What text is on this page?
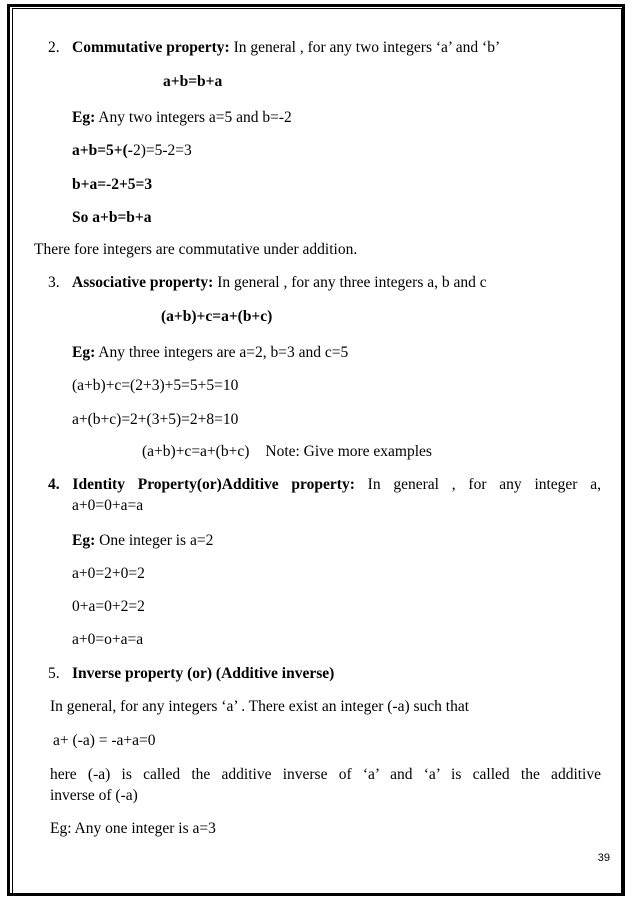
2. Commutative property: In general , for any two integers ‘a’ and ‘b’
a+b=b+a
Eg: Any two integers a=5 and b=-2
a+b=5+(-2)=5-2=3
b+a=-2+5=3
So a+b=b+a
There fore integers are commutative under addition.
3. Associative property: In general , for any three integers a, b and c
(a+b)+c=a+(b+c)
Eg: Any three integers are a=2, b=3 and c=5
(a+b)+c=(2+3)+5=5+5=10
a+(b+c)=2+(3+5)=2+8=10
(a+b)+c=a+(b+c) Note: Give more examples
4. Identity Property(or)Additive property: In general , for any integer a,
a+0=0+a=a
Eg: One integer is a=2
a+0=2+0=2
0+a=0+2=2
a+0=o+a=a
5. Inverse property (or) (Additive inverse)
In general, for any integers ‘a’ . There exist an integer (-a) such that
a+ (-a) = -a+a=0
here (-a) is called the additive inverse of ‘a’ and ‘a’ is called the additive
inverse of (-a)
Eg: Any one integer is a=3
39
